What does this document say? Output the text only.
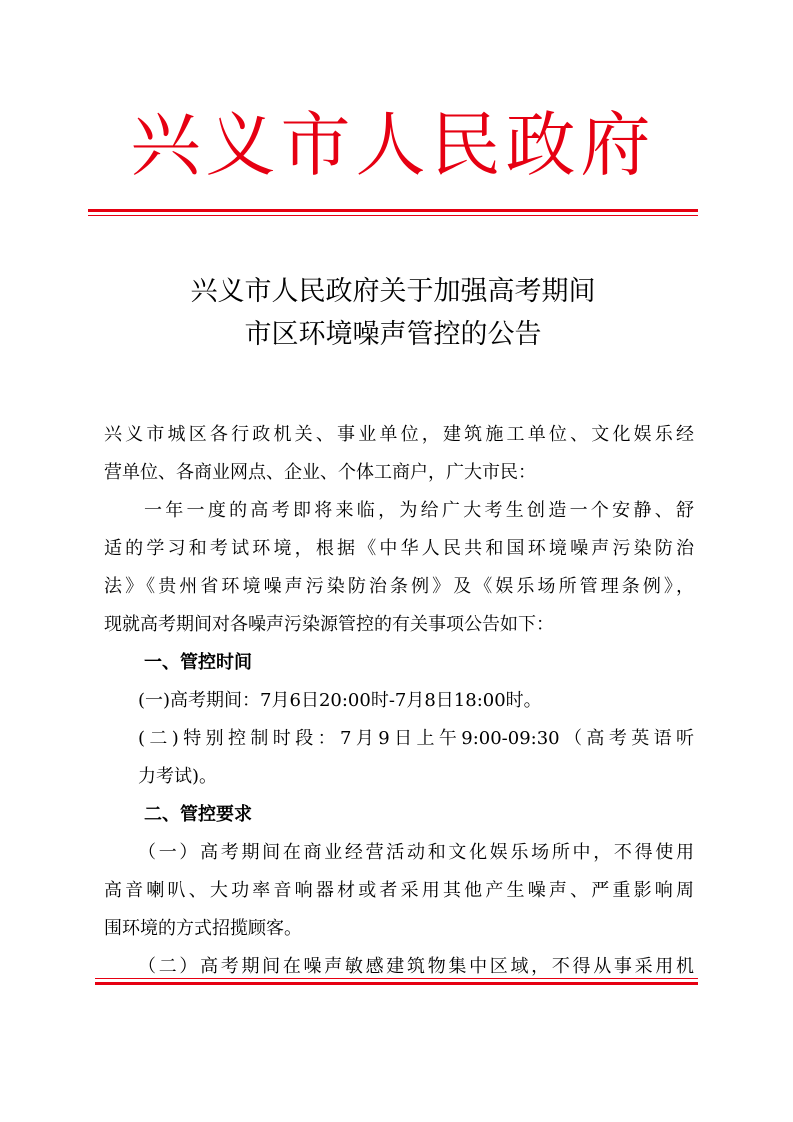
兴义市人民政府
兴义市人民政府关于加强高考期间
市区环境噪声管控的公告
兴义市城区各行政机关、事业单位，建筑施工单位、文化娱乐经
营单位、各商业网点、企业、个体工商户，广大市民：
一年一度的高考即将来临，为给广大考生创造一个安静、舒
适的学习和考试环境，根据《中华人民共和国环境噪声污染防治
法》《贵州省环境噪声污染防治条例》及《娱乐场所管理条例》，
现就高考期间对各噪声污染源管控的有关事项公告如下：
一、管控时间
(一)高考期间：7月6日20:00时-7月8日18:00时。
(二)特别控制时段：7月9日上午9:00-09:30（高考英语听
力考试)。
二、管控要求
（一）高考期间在商业经营活动和文化娱乐场所中，不得使用
高音喇叭、大功率音响器材或者采用其他产生噪声、严重影响周
围环境的方式招揽顾客。
（二）高考期间在噪声敏感建筑物集中区域，不得从事采用机
